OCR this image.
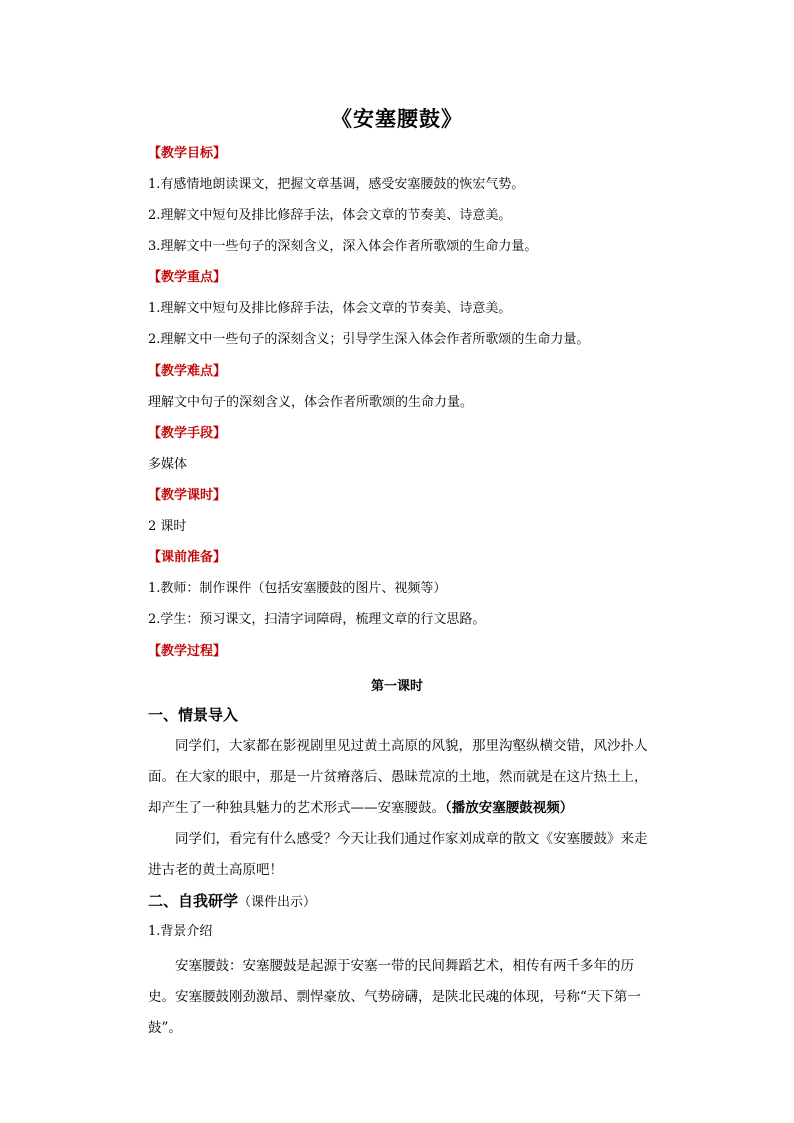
《安塞腰鼓》
【教学目标】
1.有感情地朗读课文，把握文章基调，感受安塞腰鼓的恢宏气势。
2.理解文中短句及排比修辞手法，体会文章的节奏美、诗意美。
3.理解文中一些句子的深刻含义，深入体会作者所歌颂的生命力量。
【教学重点】
1.理解文中短句及排比修辞手法，体会文章的节奏美、诗意美。
2.理解文中一些句子的深刻含义；引导学生深入体会作者所歌颂的生命力量。
【教学难点】
理解文中句子的深刻含义，体会作者所歌颂的生命力量。
【教学手段】
多媒体
【教学课时】
2 课时
【课前准备】
1.教师：制作课件（包括安塞腰鼓的图片、视频等）
2.学生：预习课文，扫清字词障碍，梳理文章的行文思路。
【教学过程】
第一课时
一、情景导入

同学们，大家都在影视剧里见过黄土高原的风貌，那里沟壑纵横交错，风沙扑人面。在大家的眼中，那是一片贫瘠落后、愚昧荒凉的土地，然而就是在这片热土上，却产生了一种独具魅力的艺术形式——安塞腰鼓。（播放安塞腰鼓视频）

同学们，看完有什么感受？今天让我们通过作家刘成章的散文《安塞腰鼓》来走进古老的黄土高原吧！

二、自我研学（课件出示）
1.背景介绍

安塞腰鼓：安塞腰鼓是起源于安塞一带的民间舞蹈艺术，相传有两千多年的历史。安塞腰鼓刚劲激昂、剽悍豪放、气势磅礴，是陕北民魂的体现，号称“天下第一鼓”。
